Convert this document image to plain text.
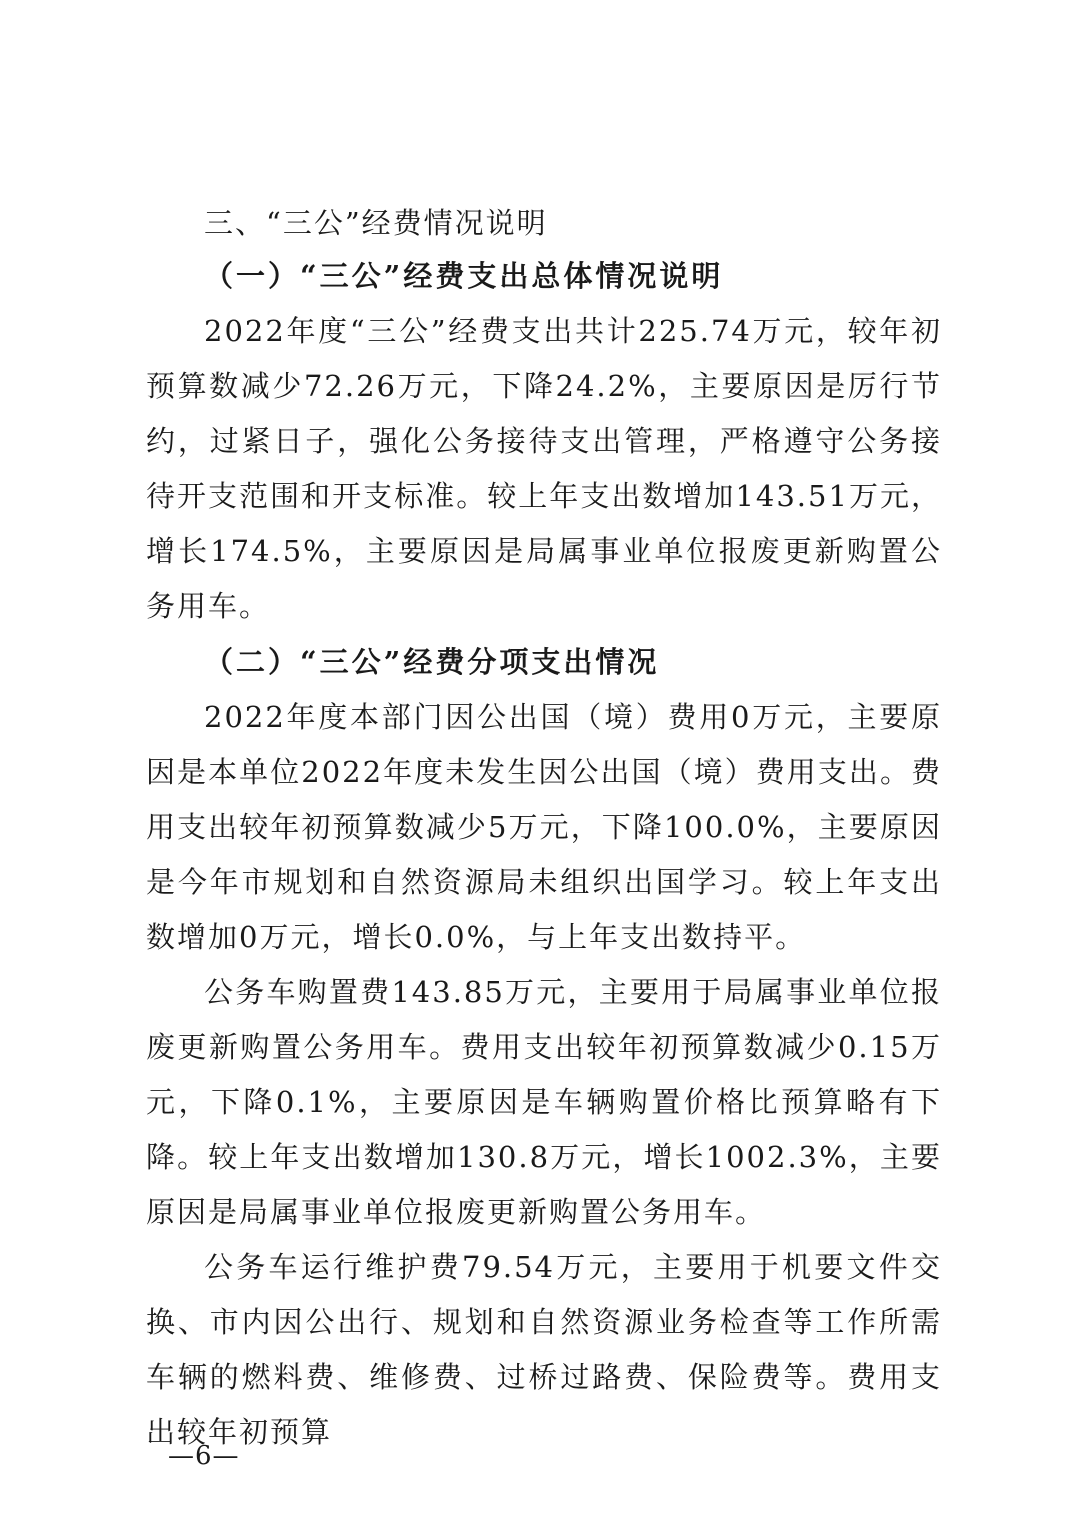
三、“三公”经费情况说明
（一）“三公”经费支出总体情况说明

2022年度“三公”经费支出共计225.74万元，较年初预算数减少72.26万元，下降24.2%，主要原因是厉行节约，过紧日子，强化公务接待支出管理，严格遵守公务接待开支范围和开支标准。较上年支出数增加143.51万元，增长174.5%，主要原因是局属事业单位报废更新购置公务用车。

（二）“三公”经费分项支出情况

2022年度本部门因公出国（境）费用0万元，主要原因是本单位2022年度未发生因公出国（境）费用支出。费用支出较年初预算数减少5万元，下降100.0%，主要原因是今年市规划和自然资源局未组织出国学习。较上年支出数增加0万元，增长0.0%，与上年支出数持平。

公务车购置费143.85万元，主要用于局属事业单位报废更新购置公务用车。费用支出较年初预算数减少0.15万元，下降0.1%，主要原因是车辆购置价格比预算略有下降。较上年支出数增加130.8万元，增长1002.3%，主要原因是局属事业单位报废更新购置公务用车。

公务车运行维护费79.54万元，主要用于机要文件交换、市内因公出行、规划和自然资源业务检查等工作所需车辆的燃料费、维修费、过桥过路费、保险费等。费用支出较年初预算

—6—
